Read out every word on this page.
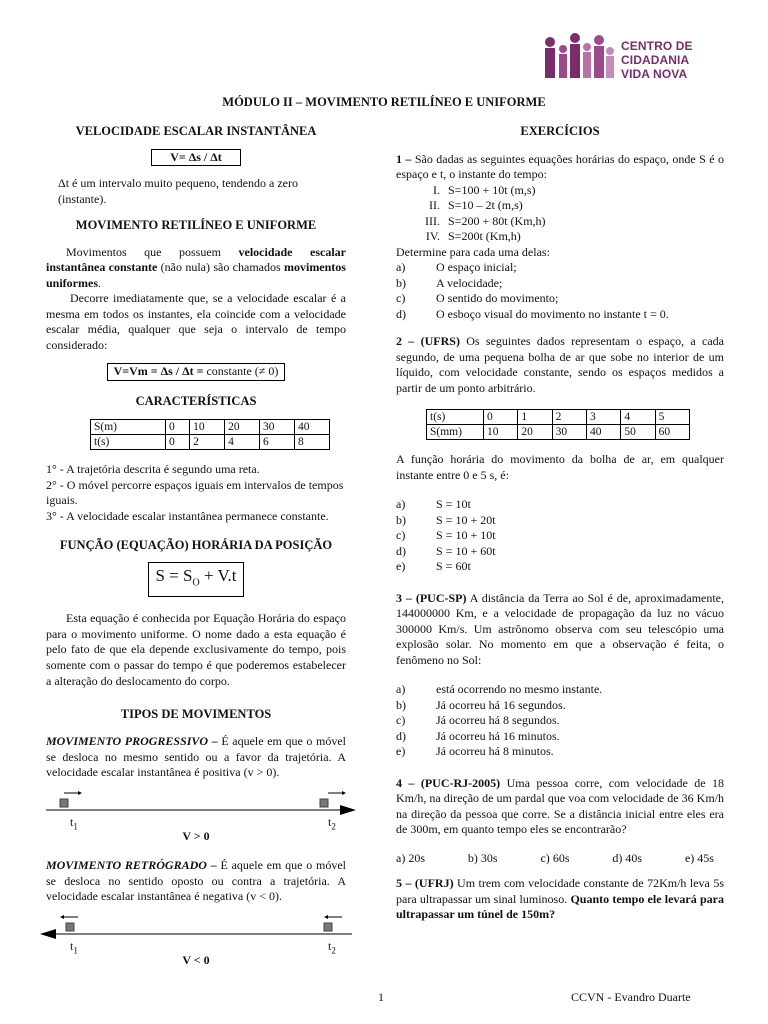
CENTRO DE
CIDADANIA
VIDA NOVA
MÓDULO II – MOVIMENTO RETILÍNEO E UNIFORME
VELOCIDADE ESCALAR INSTANTÂNEA
V= Δs / Δt
Δt é um intervalo muito pequeno, tendendo a zero (instante).
MOVIMENTO RETILÍNEO E UNIFORME
Movimentos que possuem velocidade escalar instantânea constante (não nula) são chamados movimentos uniformes.
Decorre imediatamente que, se a velocidade escalar é a mesma em todos os instantes, ela coincide com a velocidade escalar média, qualquer que seja o intervalo de tempo considerado:
V=Vm = Δs / Δt = constante (≠ 0)
CARACTERÍSTICAS
S(m)	0	10	20	30	40
t(s)	0	2	4	6	8
1° - A trajetória descrita é segundo uma reta.
2° - O móvel percorre espaços iguais em intervalos de tempos iguais.
3° - A velocidade escalar instantânea permanece constante.
FUNÇÃO (EQUAÇÃO) HORÁRIA DA POSIÇÃO
$S = S_O + V.t$
Esta equação é conhecida por Equação Horária do espaço para o movimento uniforme. O nome dado a esta equação é pelo fato de que ela depende exclusivamente do tempo, pois somente com o passar do tempo é que poderemos estabelecer a alteração do deslocamento do corpo.
TIPOS DE MOVIMENTOS
MOVIMENTO PROGRESSIVO – É aquele em que o móvel se desloca no mesmo sentido ou a favor da trajetória. A velocidade escalar instantânea é positiva (v > 0).
$t_1$	$t_2$
V > 0
MOVIMENTO RETRÓGRADO – É aquele em que o móvel se desloca no sentido oposto ou contra a trajetória. A velocidade escalar instantânea é negativa (v < 0).
$t_1$	$t_2$
V < 0
EXERCÍCIOS
1 – São dadas as seguintes equações horárias do espaço, onde S é o espaço e t, o instante do tempo:
I. S=100 + 10t (m,s)
II. S=10 – 2t (m,s)
III. S=200 + 80t (Km,h)
IV. S=200t (Km,h)
Determine para cada uma delas:
a)	O espaço inicial;
b)	A velocidade;
c)	O sentido do movimento;
d)	O esboço visual do movimento no instante t = 0.
2 – (UFRS) Os seguintes dados representam o espaço, a cada segundo, de uma pequena bolha de ar que sobe no interior de um líquido, com velocidade constante, sendo os espaços medidos a partir de um ponto arbitrário.
t(s)	0	1	2	3	4	5
S(mm)	10	20	30	40	50	60
A função horária do movimento da bolha de ar, em qualquer instante entre 0 e 5 s, é:
a)	S = 10t
b)	S = 10 + 20t
c)	S = 10 + 10t
d)	S = 10 + 60t
e)	S = 60t
3 – (PUC-SP) A distância da Terra ao Sol é de, aproximadamente, 144000000 Km, e a velocidade de propagação da luz no vácuo 300000 Km/s. Um astrônomo observa com seu telescópio uma explosão solar. No momento em que a observação é feita, o fenômeno no Sol:
a)	está ocorrendo no mesmo instante.
b)	Já ocorreu há 16 segundos.
c)	Já ocorreu há 8 segundos.
d)	Já ocorreu há 16 minutos.
e)	Já ocorreu há 8 minutos.
4 – (PUC-RJ-2005) Uma pessoa corre, com velocidade de 18 Km/h, na direção de um pardal que voa com velocidade de 36 Km/h na direção da pessoa que corre. Se a distância inicial entre eles era de 300m, em quanto tempo eles se encontrarão?
a) 20s	b) 30s	c) 60s	d) 40s	e) 45s
5 – (UFRJ) Um trem com velocidade constante de 72Km/h leva 5s para ultrapassar um sinal luminoso. Quanto tempo ele levará para ultrapassar um túnel de 150m?
1	CCVN - Evandro Duarte
